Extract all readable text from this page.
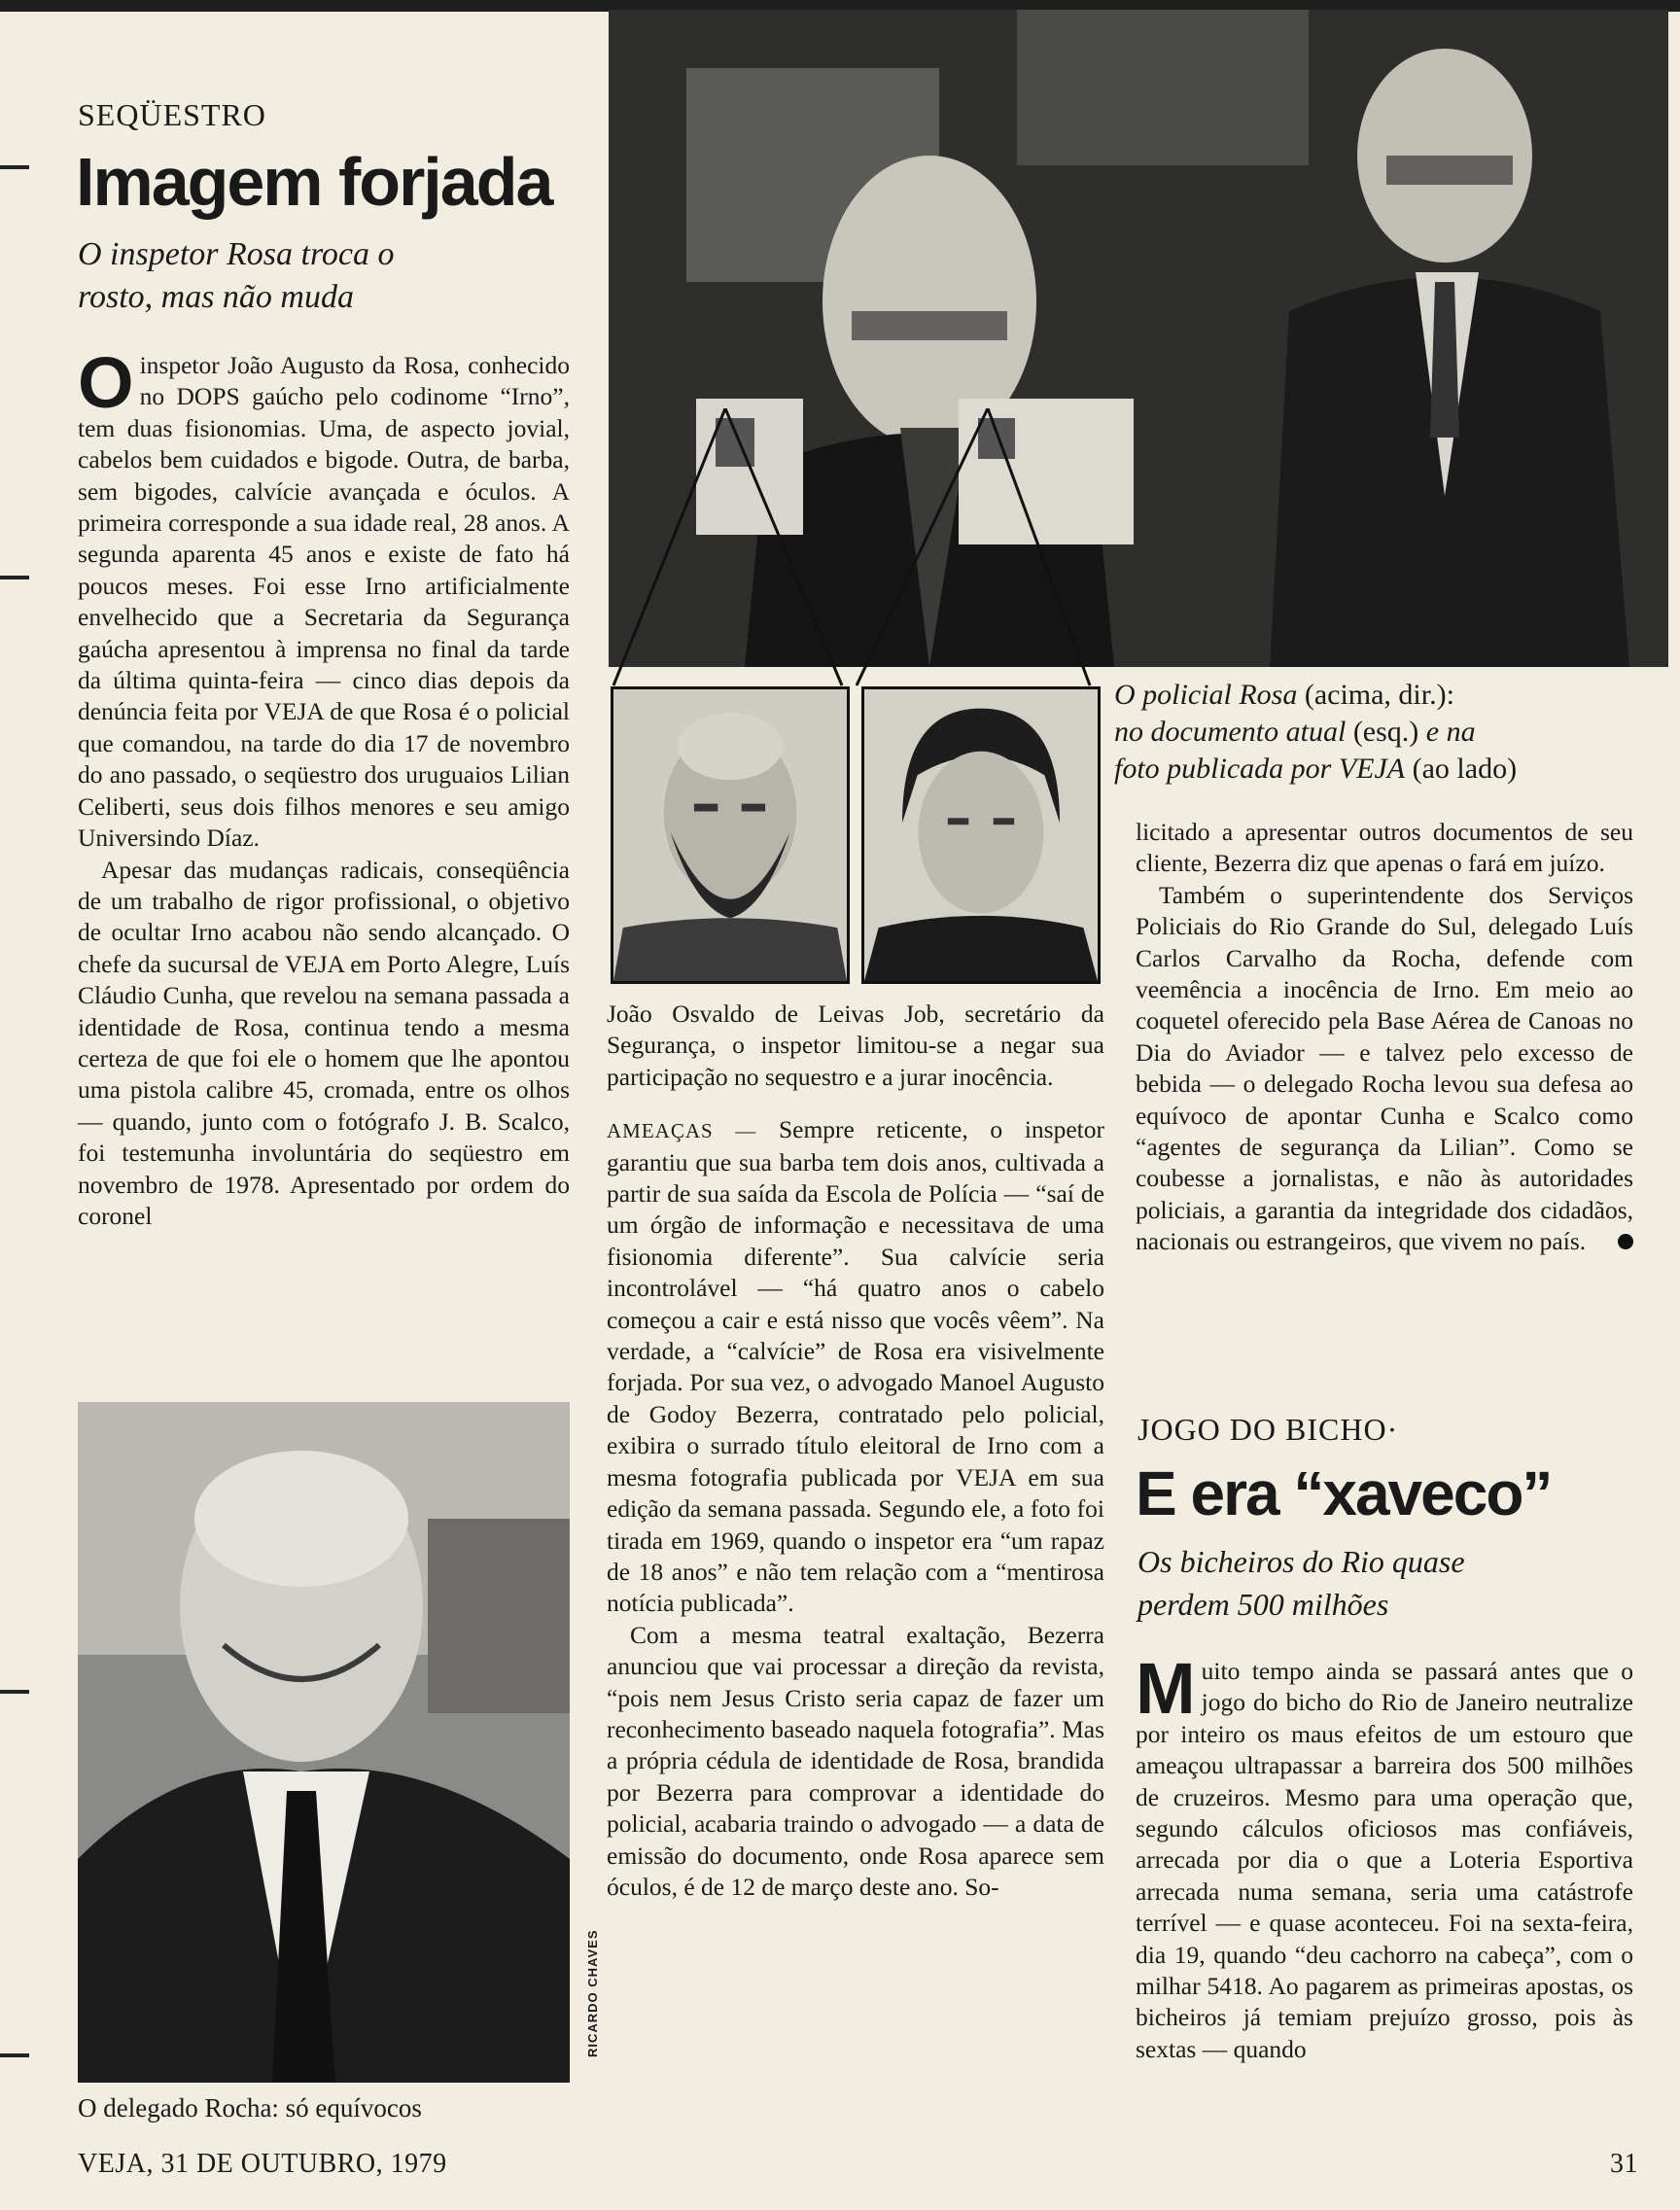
SEQÜESTRO
Imagem forjada
O inspetor Rosa troca o
rosto, mas não muda

Oinspetor João Augusto da Rosa, conhecido no DOPS gaúcho pelo codinome “Irno”, tem duas fisionomias. Uma, de aspecto jovial, cabelos bem cuidados e bigode. Outra, de barba, sem bigodes, calvície avançada e óculos. A primeira corresponde a sua idade real, 28 anos. A segunda aparenta 45 anos e existe de fato há poucos meses. Foi esse Irno artificialmente envelhecido que a Secretaria da Segurança gaúcha apresentou à imprensa no final da tarde da última quinta-feira — cinco dias depois da denúncia feita por VEJA de que Rosa é o policial que comandou, na tarde do dia 17 de novembro do ano passado, o seqüestro dos uruguaios Lilian Celiberti, seus dois filhos menores e seu amigo Universindo Díaz.

Apesar das mudanças radicais, conseqüência de um trabalho de rigor profissional, o objetivo de ocultar Irno acabou não sendo alcançado. O chefe da sucursal de VEJA em Porto Alegre, Luís Cláudio Cunha, que revelou na semana passada a identidade de Rosa, continua tendo a mesma certeza de que foi ele o homem que lhe apontou uma pistola calibre 45, cromada, entre os olhos — quando, junto com o fotógrafo J. B. Scalco, foi testemunha involuntária do seqüestro em novembro de 1978. Apresentado por ordem do coronel

O delegado Rocha: só equívocos
O policial Rosa (acima, dir.):
no documento atual (esq.) e na
foto publicada por VEJA (ao lado)

João Osvaldo de Leivas Job, secretário da Segurança, o inspetor limitou-se a negar sua participação no sequestro e a jurar inocência.

AMEAÇAS — Sempre reticente, o inspetor garantiu que sua barba tem dois anos, cultivada a partir de sua saída da Escola de Polícia — “saí de um órgão de informação e necessitava de uma fisionomia diferente”. Sua calvície seria incontrolável — “há quatro anos o cabelo começou a cair e está nisso que vocês vêem”. Na verdade, a “calvície” de Rosa era visivelmente forjada. Por sua vez, o advogado Manoel Augusto de Godoy Bezerra, contratado pelo policial, exibira o surrado título eleitoral de Irno com a mesma fotografia publicada por VEJA em sua edição da semana passada. Segundo ele, a foto foi tirada em 1969, quando o inspetor era “um rapaz de 18 anos” e não tem relação com a “mentirosa notícia publicada”.

Com a mesma teatral exaltação, Bezerra anunciou que vai processar a direção da revista, “pois nem Jesus Cristo seria capaz de fazer um reconhecimento baseado naquela fotografia”. Mas a própria cédula de identidade de Rosa, brandida por Bezerra para comprovar a identidade do policial, acabaria traindo o advogado — a data de emissão do documento, onde Rosa aparece sem óculos, é de 12 de março deste ano. So-

RICARDO CHAVES

licitado a apresentar outros documentos de seu cliente, Bezerra diz que apenas o fará em juízo.

Também o superintendente dos Serviços Policiais do Rio Grande do Sul, delegado Luís Carlos Carvalho da Rocha, defende com veemência a inocência de Irno. Em meio ao coquetel oferecido pela Base Aérea de Canoas no Dia do Aviador — e talvez pelo excesso de bebida — o delegado Rocha levou sua defesa ao equívoco de apontar Cunha e Scalco como “agentes de segurança da Lilian”. Como se coubesse a jornalistas, e não às autoridades policiais, a garantia da integridade dos cidadãos, nacionais ou estrangeiros, que vivem no país.

JOGO DO BICHO·
E era “xaveco”
Os bicheiros do Rio quase
perdem 500 milhões

Muito tempo ainda se passará antes que o jogo do bicho do Rio de Janeiro neutralize por inteiro os maus efeitos de um estouro que ameaçou ultrapassar a barreira dos 500 milhões de cruzeiros. Mesmo para uma operação que, segundo cálculos oficiosos mas confiáveis, arrecada por dia o que a Loteria Esportiva arrecada numa semana, seria uma catástrofe terrível — e quase aconteceu. Foi na sexta-feira, dia 19, quando “deu cachorro na cabeça”, com o milhar 5418. Ao pagarem as primeiras apostas, os bicheiros já temiam prejuízo grosso, pois às sextas — quando

VEJA, 31 DE OUTUBRO, 1979	31
